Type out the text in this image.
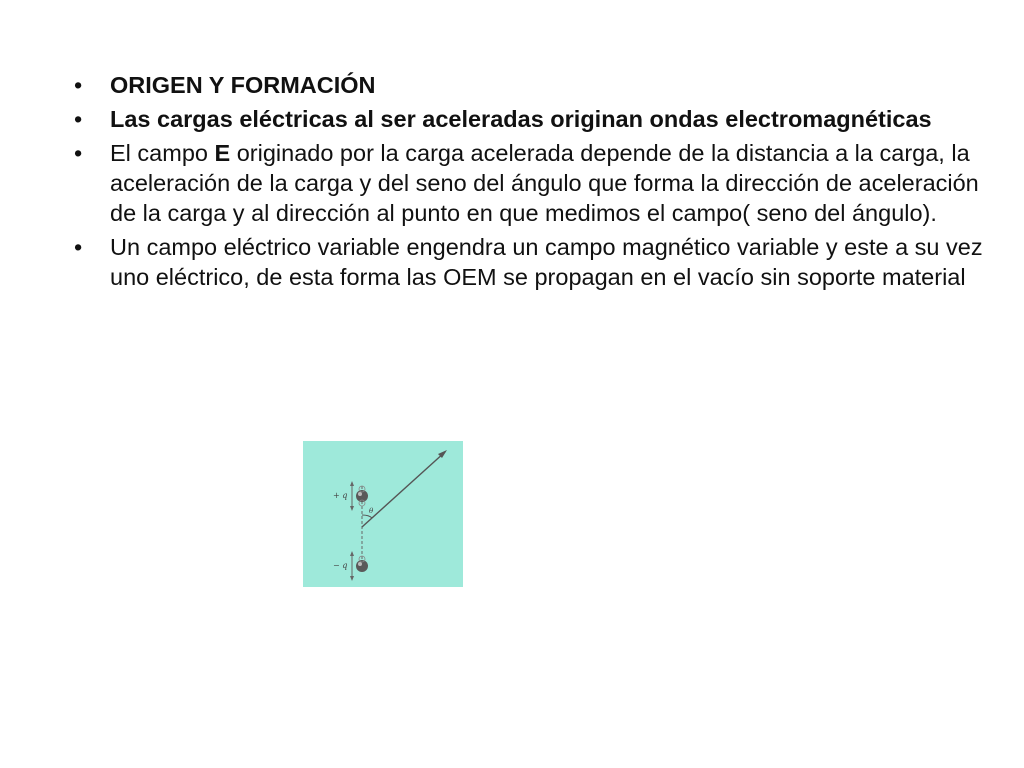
•	ORIGEN Y FORMACIÓN
•	Las cargas eléctricas al ser aceleradas originan ondas electromagnéticas
•	El campo E originado por la carga acelerada depende de la distancia a la carga, la aceleración de la carga y del seno del ángulo que forma la dirección de aceleración de la carga y al dirección al punto en que medimos el campo( seno del ángulo).
•	Un campo eléctrico variable engendra un campo magnético variable y este a su vez uno eléctrico, de esta forma las OEM se propagan en el vacío sin soporte material
+ q
− q
θ
